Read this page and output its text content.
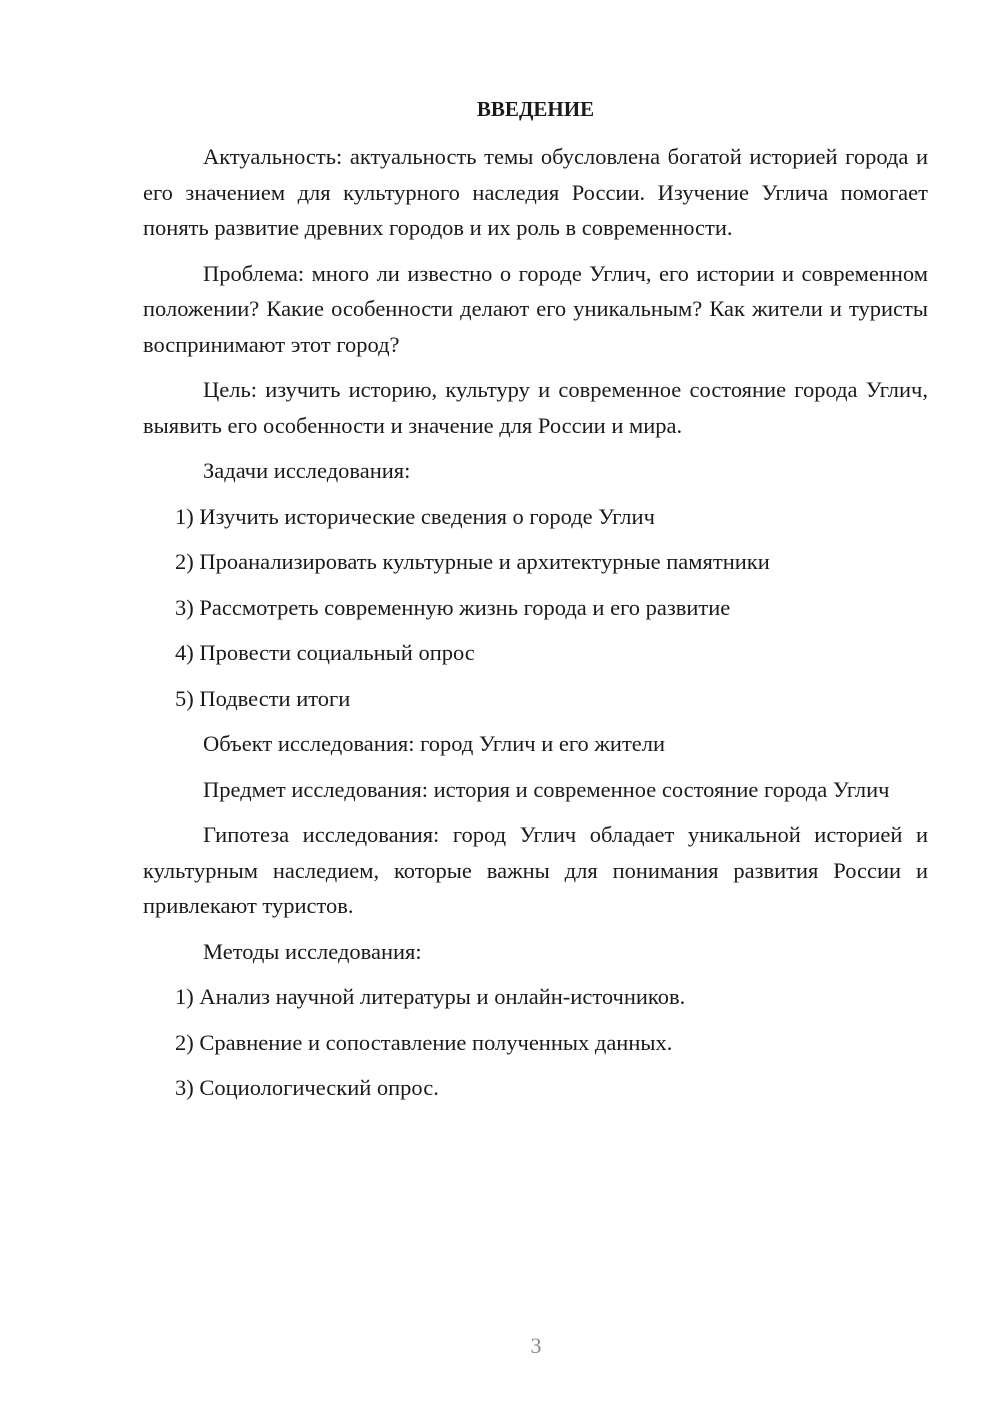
ВВЕДЕНИЕ

Актуальность: актуальность темы обусловлена богатой историей города и его значением для культурного наследия России. Изучение Углича помогает понять развитие древних городов и их роль в современности.

Проблема: много ли известно о городе Углич, его истории и современном положении? Какие особенности делают его уникальным? Как жители и туристы воспринимают этот город?

Цель: изучить историю, культуру и современное состояние города Углич, выявить его особенности и значение для России и мира.

Задачи исследования:

1) Изучить исторические сведения о городе Углич

2) Проанализировать культурные и архитектурные памятники

3) Рассмотреть современную жизнь города и его развитие

4) Провести социальный опрос

5) Подвести итоги

Объект исследования: город Углич и его жители

Предмет исследования: история и современное состояние города Углич

Гипотеза исследования: город Углич обладает уникальной историей и культурным наследием, которые важны для понимания развития России и привлекают туристов.

Методы исследования:

1) Анализ научной литературы и онлайн-источников.

2) Сравнение и сопоставление полученных данных.

3) Социологический опрос.

3
